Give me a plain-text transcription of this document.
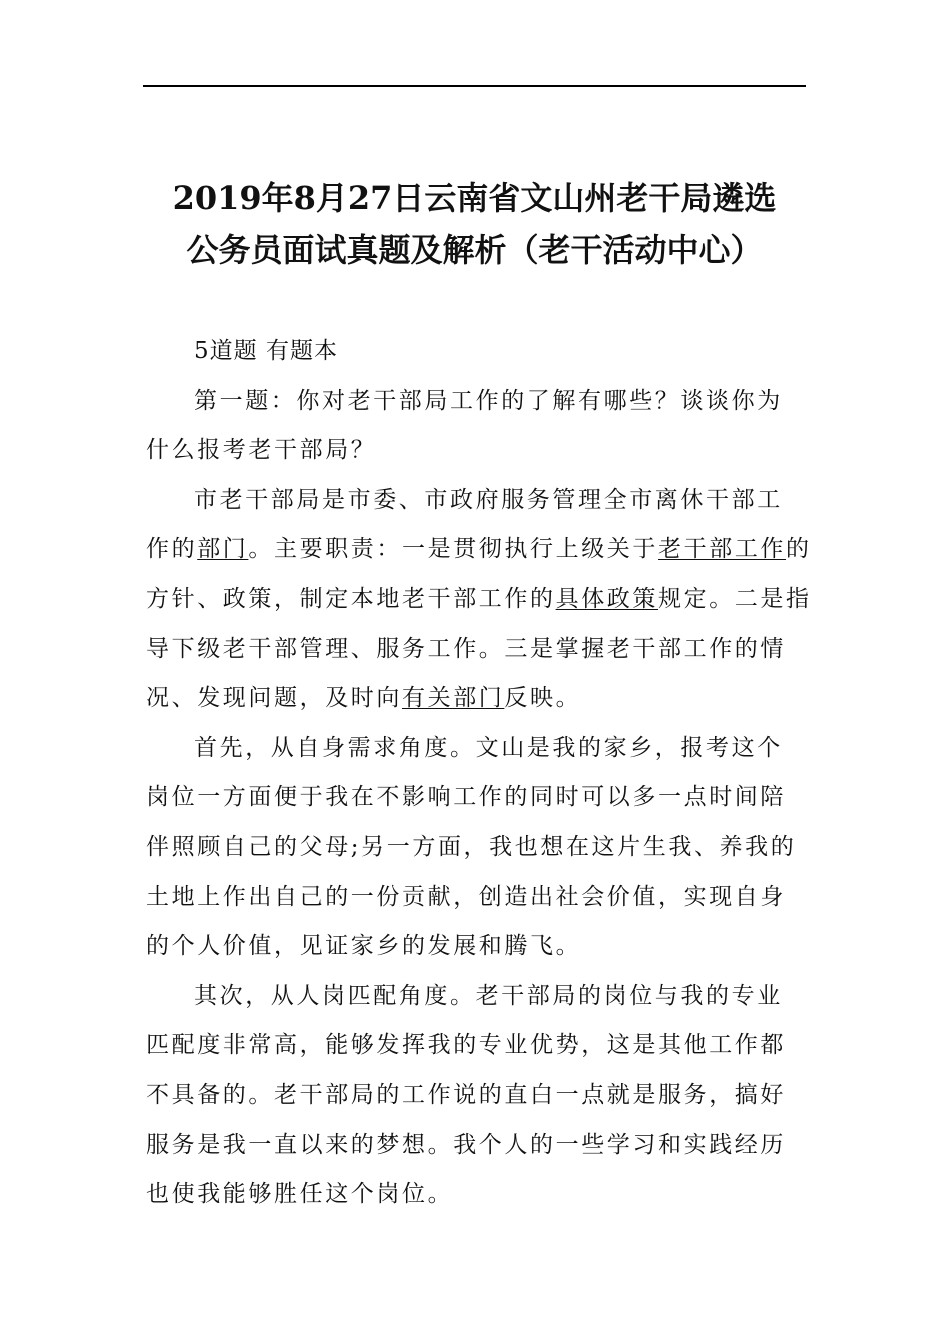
2019年8月27日云南省文山州老干局遴选
公务员面试真题及解析（老干活动中心）
5道题 有题本
第一题：你对老干部局工作的了解有哪些？谈谈你为
什么报考老干部局？
市老干部局是市委、市政府服务管理全市离休干部工
作的部门。主要职责：一是贯彻执行上级关于老干部工作的
方针、政策，制定本地老干部工作的具体政策规定。二是指
导下级老干部管理、服务工作。三是掌握老干部工作的情
况、发现问题，及时向有关部门反映。
首先，从自身需求角度。文山是我的家乡，报考这个
岗位一方面便于我在不影响工作的同时可以多一点时间陪
伴照顾自己的父母;另一方面，我也想在这片生我、养我的
土地上作出自己的一份贡献，创造出社会价值，实现自身
的个人价值，见证家乡的发展和腾飞。
其次，从人岗匹配角度。老干部局的岗位与我的专业
匹配度非常高，能够发挥我的专业优势，这是其他工作都
不具备的。老干部局的工作说的直白一点就是服务，搞好
服务是我一直以来的梦想。我个人的一些学习和实践经历
也使我能够胜任这个岗位。
